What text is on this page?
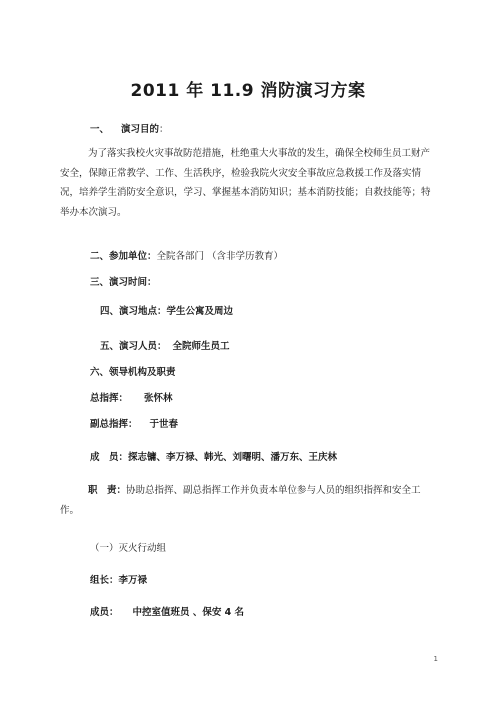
2011 年 11.9 消防演习方案
一、 演习目的：
为了落实我校火灾事故防范措施，杜绝重大火事故的发生，确保全校师生员工财产安全，保障正常教学、工作、生活秩序，检验我院火灾安全事故应急救援工作及落实情况，培养学生消防安全意识，学习、掌握基本消防知识；基本消防技能；自救技能等；特举办本次演习。
二、参加单位：全院各部门 （含非学历教育）
三、演习时间：
四、演习地点：学生公寓及周边
五、演习人员： 全院师生员工
六、领导机构及职责
总指挥： 张怀林
副总指挥： 于世春
成　员：探志镛、李万禄、韩光、刘曙明、潘万东、王庆林
职　责：协助总指挥、副总指挥工作并负责本单位参与人员的组织指挥和安全工作。
（一）灭火行动组
组长：李万禄
成员： 中控室值班员 、保安 4 名
1
